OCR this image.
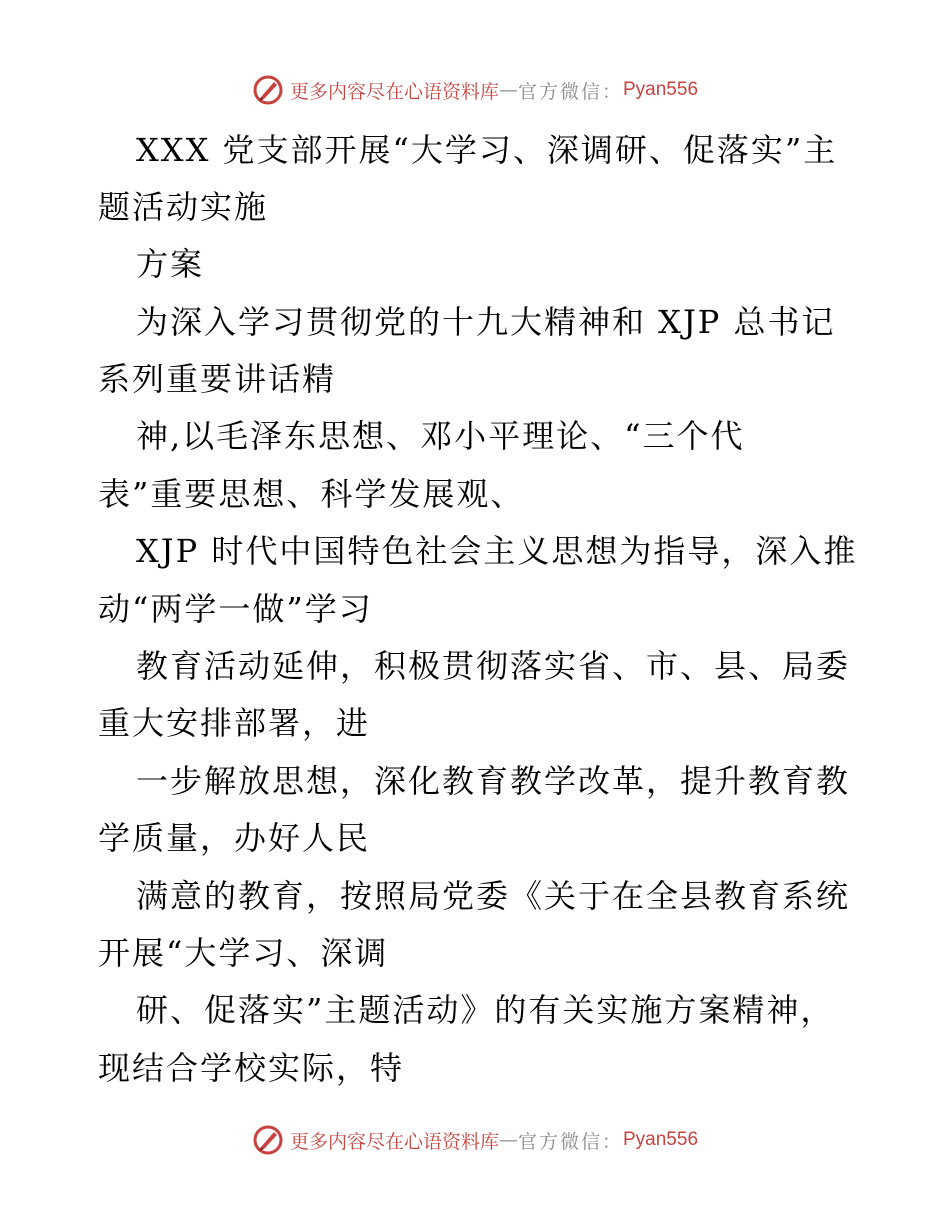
更多内容尽在心语资料库 — 官方微信： Pyan556
XXX 党支部开展“大学习、深调研、促落实”主
题活动实施
方案
为深入学习贯彻党的十九大精神和 XJP 总书记
系列重要讲话精
神,以毛泽东思想、邓小平理论、“三个代
表”重要思想、科学发展观、
XJP 时代中国特色社会主义思想为指导，深入推
动“两学一做”学习
教育活动延伸，积极贯彻落实省、市、县、局委
重大安排部署，进
一步解放思想，深化教育教学改革，提升教育教
学质量，办好人民
满意的教育，按照局党委《关于在全县教育系统
开展“大学习、深调
研、促落实”主题活动》的有关实施方案精神，
现结合学校实际，特
更多内容尽在心语资料库 — 官方微信： Pyan556
